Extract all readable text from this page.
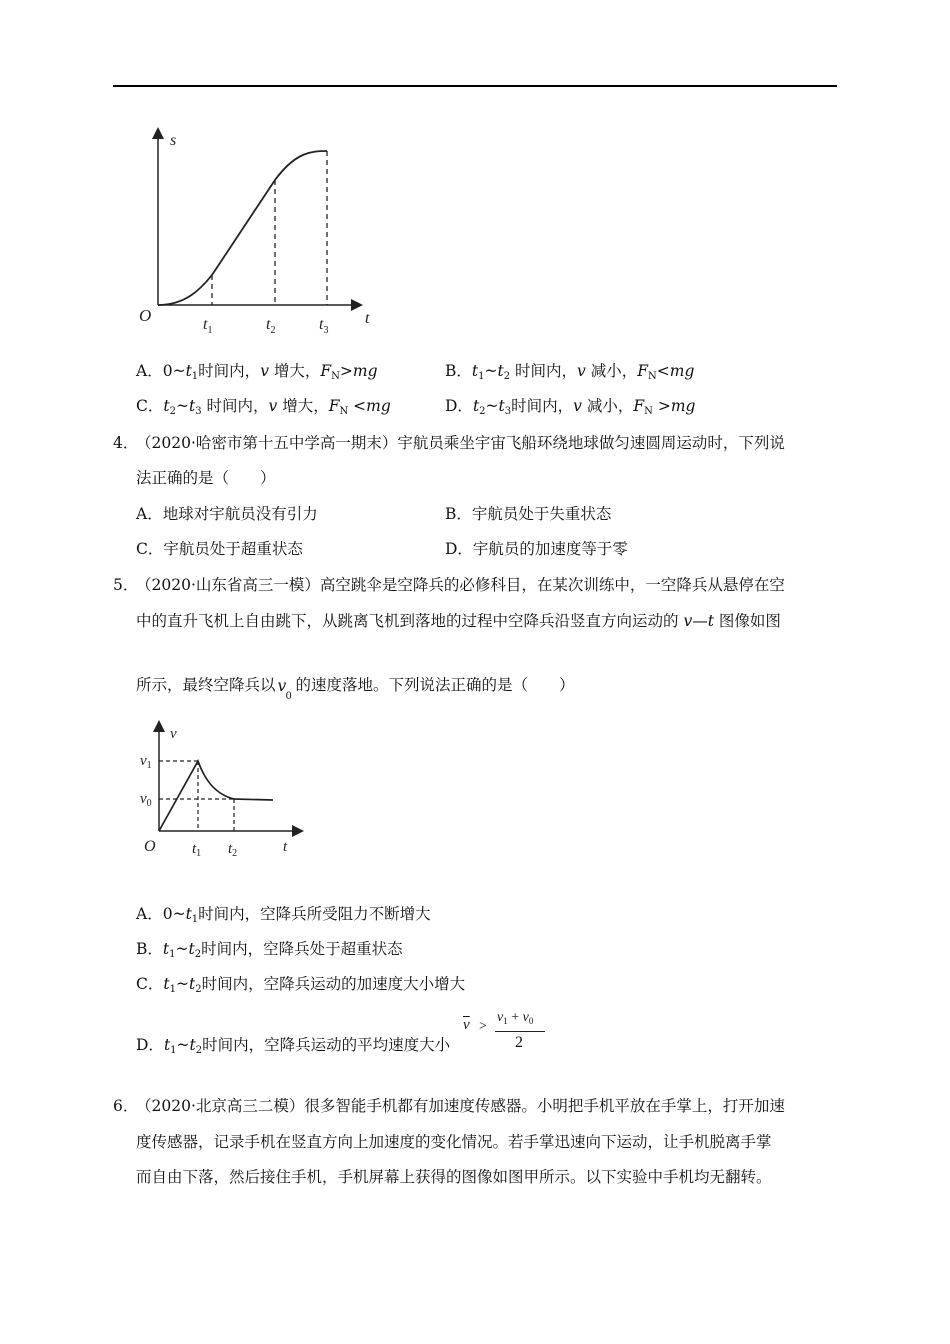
s
O	t
$t_1$	$t_2$	$t_3$
A．$0\sim t_1$时间内，v 增大，$F_N>mg$	B．$t_1\sim t_2$ 时间内，v 减小，$F_N<mg$
C．$t_2\sim t_3$ 时间内，v 增大，$F_N <mg$	D．$t_2\sim t_3$时间内，v 减小，$F_N >mg$
4．
（2020·哈密市第十五中学高一期末）宇航员乘坐宇宙飞船环绕地球做匀速圆周运动时，下列说
法正确的是（　　）
A．地球对宇航员没有引力	B．宇航员处于失重状态
C．宇航员处于超重状态	D．宇航员的加速度等于零
5．
（2020·山东省高三一模）高空跳伞是空降兵的必修科目，在某次训练中，一空降兵从悬停在空
中的直升飞机上自由跳下，从跳离飞机到落地的过程中空降兵沿竖直方向运动的 v—t 图像如图
所示，最终空降兵以 v
0
的速度落地。下列说法正确的是（　　）
v
$v_1$
$v_0$
O $t_1$ $t_2$	t
A．$0\sim t_1$时间内，空降兵所受阻力不断增大
B．$t_1\sim t_2$时间内，空降兵处于超重状态
C．$t_1\sim t_2$时间内，空降兵运动的加速度大小增大
D．$t_1\sim t_2$时间内，空降兵运动的平均速度大小
$\overline{v}$ >
$v_1 + v_0$
2
6．
（2020·北京高三二模）很多智能手机都有加速度传感器。小明把手机平放在手掌上，打开加速
度传感器，记录手机在竖直方向上加速度的变化情况。若手掌迅速向下运动，让手机脱离手掌
而自由下落，然后接住手机，手机屏幕上获得的图像如图甲所示。以下实验中手机均无翻转。
